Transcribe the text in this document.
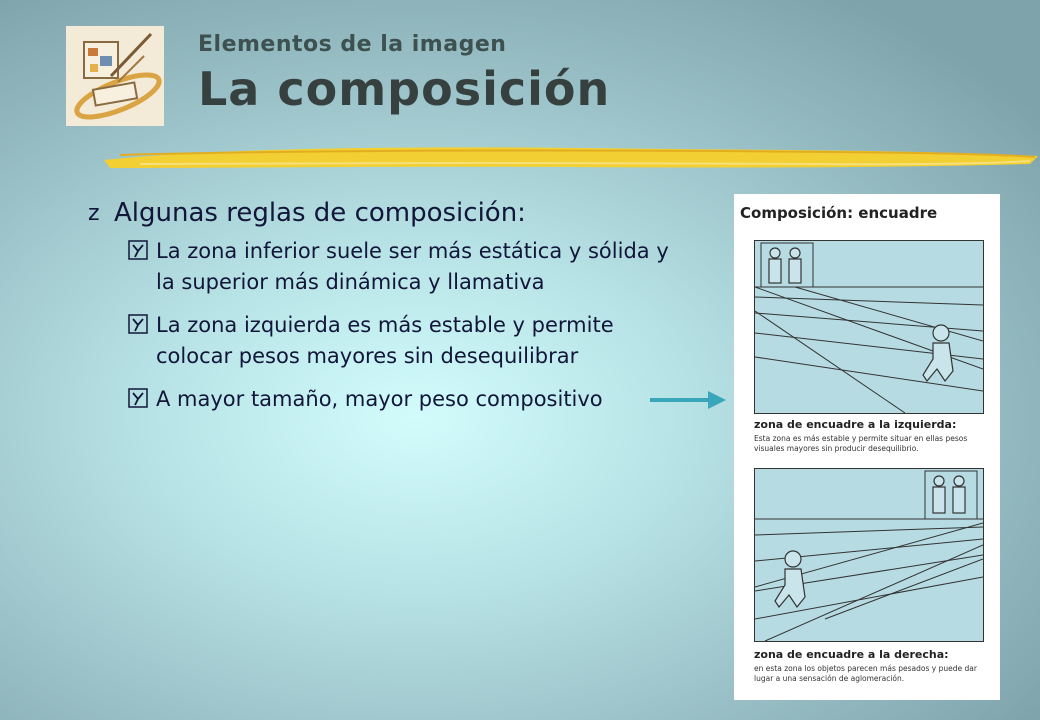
Elementos de la imagen
La composición
z Algunas reglas de composición:
La zona inferior suele ser más estática y sólida y la superior más dinámica y llamativa
La zona izquierda es más estable y permite colocar pesos mayores sin desequilibrar
A mayor tamaño, mayor peso compositivo
Composición: encuadre
zona de encuadre a la izquierda:
Esta zona es más estable y permite situar en ellas pesos visuales mayores sin producir desequilibrio.
zona de encuadre a la derecha:
en esta zona los objetos parecen más pesados y puede dar lugar a una sensación de aglomeración.
